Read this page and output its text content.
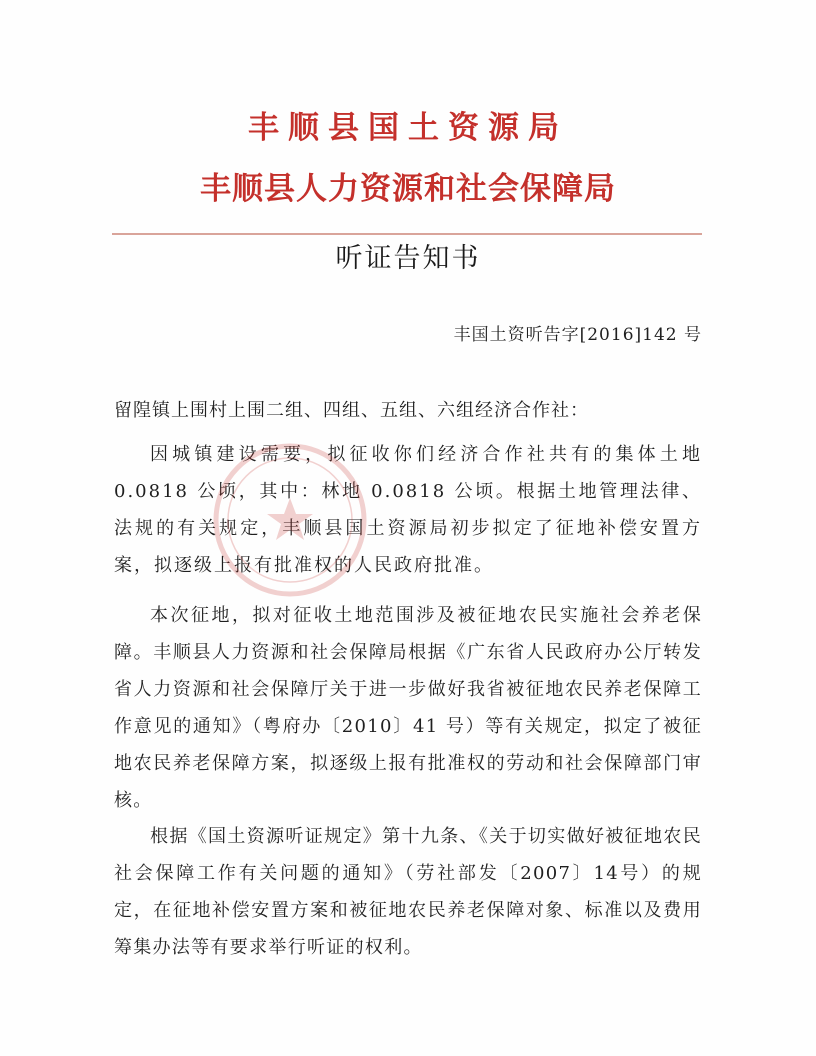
丰顺县国土资源局
丰顺县人力资源和社会保障局
听证告知书
丰国土资听告字[2016]142 号
留隍镇上围村上围二组、四组、五组、六组经济合作社：

因城镇建设需要，拟征收你们经济合作社共有的集体土地 0.0818 公顷，其中：林地 0.0818 公顷。根据土地管理法律、法规的有关规定，丰顺县国土资源局初步拟定了征地补偿安置方案，拟逐级上报有批准权的人民政府批准。

本次征地，拟对征收土地范围涉及被征地农民实施社会养老保障。丰顺县人力资源和社会保障局根据《广东省人民政府办公厅转发省人力资源和社会保障厅关于进一步做好我省被征地农民养老保障工作意见的通知》（粤府办〔2010〕41 号）等有关规定，拟定了被征地农民养老保障方案，拟逐级上报有批准权的劳动和社会保障部门审核。

根据《国土资源听证规定》第十九条、《关于切实做好被征地农民社会保障工作有关问题的通知》（劳社部发〔2007〕14号）的规定，在征地补偿安置方案和被征地农民养老保障对象、标准以及费用筹集办法等有要求举行听证的权利。
